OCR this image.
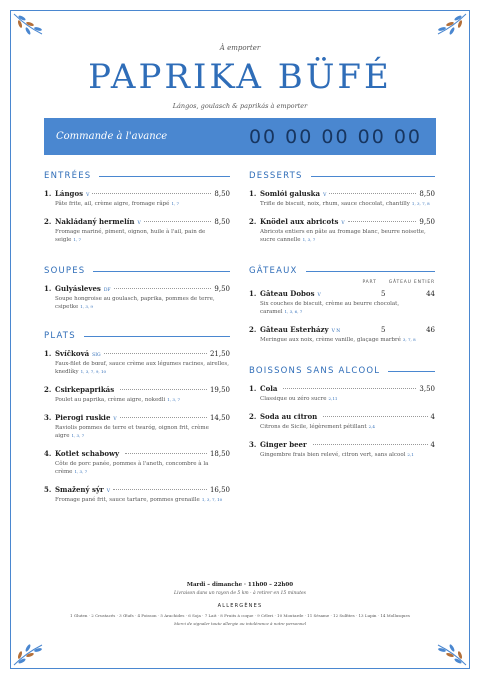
À emporter
PAPRIKA BÜFÉ
Lángos, goulasch & paprikás à emporter
Commande à l'avance	00 00 00 00 00
ENTRÉES
1. Lángos V	8,50
Pâte frite, ail, crème aigre, fromage râpé 1, 7
2. Nakládaný hermelín V	8,50
Fromage mariné, piment, oignon, huile à l'ail, pain de seigle 1, 7
SOUPES
1. Gulyásleves DF	9,50
Soupe hongroise au goulasch, paprika, pommes de terre, csipetke 1, 3, 9
PLATS
1. Svíčková SIG	21,50
Faux-filet de bœuf, sauce crème aux légumes racines, airelles, knedlíky 1, 3, 7, 9, 10
2. Csirkepaprikás	19,50
Poulet au paprika, crème aigre, nokedli 1, 3, 7
3. Pierogi ruskie V	14,50
Raviolis pommes de terre et twaróg, oignon frit, crème aigre 1, 3, 7
4. Kotlet schabowy	18,50
Côte de porc panée, pommes à l'aneth, concombre à la crème 1, 3, 7
5. Smažený sýr V	16,50
Fromage pané frit, sauce tartare, pommes grenaille 1, 3, 7, 10
DESSERTS
1. Somlói galuska V	8,50
Trifle de biscuit, noix, rhum, sauce chocolat, chantilly 1, 3, 7, 8
2. Knödel aux abricots V	9,50
Abricots entiers en pâte au fromage blanc, beurre noisette, sucre cannelle 1, 3, 7
GÂTEAUX
PART	GÂTEAU ENTIER
1. Gâteau Dobos V	5	44
Six couches de biscuit, crème au beurre chocolat, caramel 1, 3, 6, 7
2. Gâteau Esterházy V N	5	46
Meringue aux noix, crème vanille, glaçage marbré 3, 7, 8
BOISSONS SANS ALCOOL
1. Cola	3,50
Classique ou zéro sucre 2,11
2. Soda au citron	4
Citrons de Sicile, légèrement pétillant 2,4
3. Ginger beer	4
Gingembre frais bien relevé, citron vert, sans alcool 2,1
Mardi – dimanche · 11h00 – 22h00
Livraison dans un rayon de 5 km · à retirer en 15 minutes
ALLERGÈNES
1 Gluten · 2 Crustacés · 3 Œufs · 4 Poisson · 5 Arachides · 6 Soja · 7 Lait · 8 Fruits à coque · 9 Céleri · 10 Moutarde · 11 Sésame · 12 Sulfites · 13 Lupin · 14 Mollusques
Merci de signaler toute allergie ou intolérance à notre personnel
